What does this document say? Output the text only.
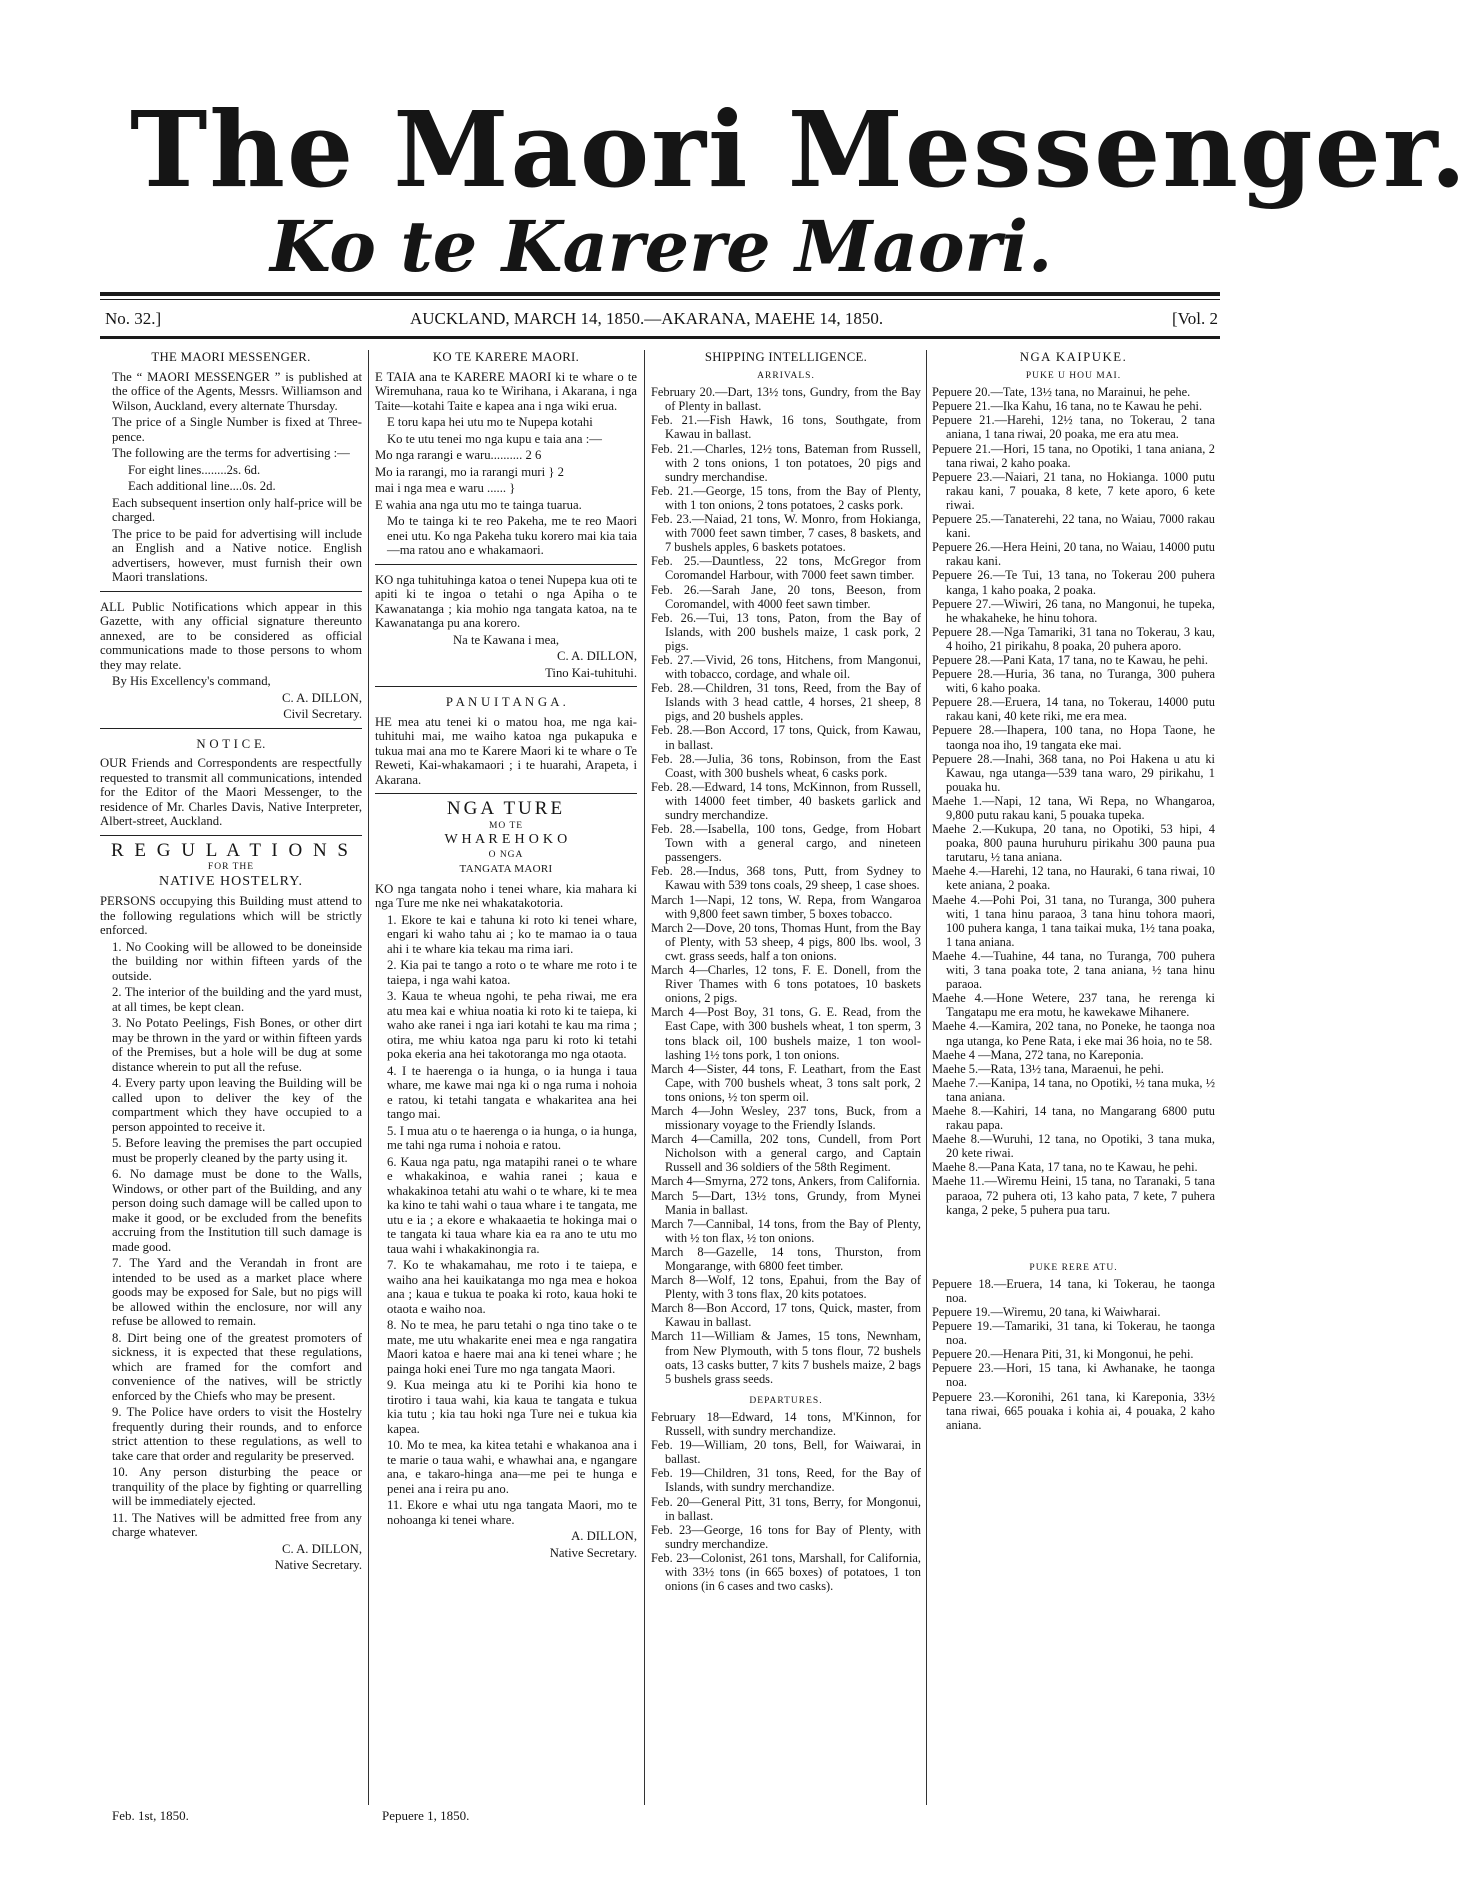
The Maori Messenger.
Ko te Karere Maori.
No. 32.]	AUCKLAND, MARCH 14, 1850.—AKARANA, MAEHE 14, 1850.	[Vol. 2
THE MAORI MESSENGER.

The “ MAORI MESSENGER ” is published at the office of the Agents, Messrs. Williamson and Wilson, Auckland, every alternate Thursday.

The price of a Single Number is fixed at Three-pence.

The following are the terms for advertising :—

For eight lines........2s. 6d.

Each additional line....0s. 2d.

Each subsequent insertion only half-price will be charged.

The price to be paid for advertising will include an English and a Native notice. English advertisers, however, must furnish their own Maori translations.

ALL Public Notifications which appear in this Gazette, with any official signature thereunto annexed, are to be considered as official communications made to those persons to whom they may relate.

By His Excellency's command,

C. A. DILLON,

Civil Secretary.

N O T I C E.

OUR Friends and Correspondents are respectfully requested to transmit all communications, intended for the Editor of the Maori Messenger, to the residence of Mr. Charles Davis, Native Interpreter, Albert-street, Auckland.

R E G U L A T I O N S
FOR THE
NATIVE HOSTELRY.

PERSONS occupying this Building must attend to the following regulations which will be strictly enforced.

1. No Cooking will be allowed to be doneinside the building nor within fifteen yards of the outside.

2. The interior of the building and the yard must, at all times, be kept clean.

3. No Potato Peelings, Fish Bones, or other dirt may be thrown in the yard or within fifteen yards of the Premises, but a hole will be dug at some distance wherein to put all the refuse.

4. Every party upon leaving the Building will be called upon to deliver the key of the compartment which they have occupied to a person appointed to receive it.

5. Before leaving the premises the part occupied must be properly cleaned by the party using it.

6. No damage must be done to the Walls, Windows, or other part of the Building, and any person doing such damage will be called upon to make it good, or be excluded from the benefits accruing from the Institution till such damage is made good.

7. The Yard and the Verandah in front are intended to be used as a market place where goods may be exposed for Sale, but no pigs will be allowed within the enclosure, nor will any refuse be allowed to remain.

8. Dirt being one of the greatest promoters of sickness, it is expected that these regulations, which are framed for the comfort and convenience of the natives, will be strictly enforced by the Chiefs who may be present.

9. The Police have orders to visit the Hostelry frequently during their rounds, and to enforce strict attention to these regulations, as well to take care that order and regularity be preserved.

10. Any person disturbing the peace or tranquility of the place by fighting or quarrelling will be immediately ejected.

11. The Natives will be admitted free from any charge whatever.

C. A. DILLON,

Native Secretary.

Feb. 1st, 1850.
KO TE KARERE MAORI.

E TAIA ana te KARERE MAORI ki te whare o te Wiremuhana, raua ko te Wirihana, i Akarana, i nga Taite—kotahi Taite e kapea ana i nga wiki erua.

E toru kapa hei utu mo te Nupepa kotahi

Ko te utu tenei mo nga kupu e taia ana :—

Mo nga rarangi e waru.......... 2 6

Mo ia rarangi, mo ia rarangi muri } 2

mai i nga mea e waru ...... }

E wahia ana nga utu mo te tainga tuarua.

Mo te tainga ki te reo Pakeha, me te reo Maori enei utu. Ko nga Pakeha tuku korero mai kia taia—ma ratou ano e whakamaori.

KO nga tuhituhinga katoa o tenei Nupepa kua oti te apiti ki te ingoa o tetahi o nga Apiha o te Kawanatanga ; kia mohio nga tangata katoa, na te Kawanatanga pu ana korero.

Na te Kawana i mea,

C. A. DILLON,

Tino Kai-tuhituhi.

P A N U I T A N G A .

HE mea atu tenei ki o matou hoa, me nga kai-tuhituhi mai, me waiho katoa nga pukapuka e tukua mai ana mo te Karere Maori ki te whare o Te Reweti, Kai-whakamaori ; i te huarahi, Arapeta, i Akarana.

NGA TURE
MO TE
W H A R E H O K O
O NGA
TANGATA MAORI

KO nga tangata noho i tenei whare, kia mahara ki nga Ture me nke nei whakatakotoria.

1. Ekore te kai e tahuna ki roto ki tenei whare, engari ki waho tahu ai ; ko te mamao ia o taua ahi i te whare kia tekau ma rima iari.

2. Kia pai te tango a roto o te whare me roto i te taiepa, i nga wahi katoa.

3. Kaua te wheua ngohi, te peha riwai, me era atu mea kai e whiua noatia ki roto ki te taiepa, ki waho ake ranei i nga iari kotahi te kau ma rima ; otira, me whiu katoa nga paru ki roto ki tetahi poka ekeria ana hei takotoranga mo nga otaota.

4. I te haerenga o ia hunga, o ia hunga i taua whare, me kawe mai nga ki o nga ruma i nohoia e ratou, ki tetahi tangata e whakaritea ana hei tango mai.

5. I mua atu o te haerenga o ia hunga, o ia hunga, me tahi nga ruma i nohoia e ratou.

6. Kaua nga patu, nga matapihi ranei o te whare e whakakinoa, e wahia ranei ; kaua e whakakinoa tetahi atu wahi o te whare, ki te mea ka kino te tahi wahi o taua whare i te tangata, me utu e ia ; a ekore e whakaaetia te hokinga mai o te tangata ki taua whare kia ea ra ano te utu mo taua wahi i whakakinongia ra.

7. Ko te whakamahau, me roto i te taiepa, e waiho ana hei kauikatanga mo nga mea e hokoa ana ; kaua e tukua te poaka ki roto, kaua hoki te otaota e waiho noa.

8. No te mea, he paru tetahi o nga tino take o te mate, me utu whakarite enei mea e nga rangatira Maori katoa e haere mai ana ki tenei whare ; he painga hoki enei Ture mo nga tangata Maori.

9. Kua meinga atu ki te Porihi kia hono te tirotiro i taua wahi, kia kaua te tangata e tukua kia tutu ; kia tau hoki nga Ture nei e tukua kia kapea.

10. Mo te mea, ka kitea tetahi e whakanoa ana i te marie o taua wahi, e whawhai ana, e ngangare ana, e takaro-hinga ana—me pei te hunga e penei ana i reira pu ano.

11. Ekore e whai utu nga tangata Maori, mo te nohoanga ki tenei whare.

A. DILLON,

Native Secretary.

Pepuere 1, 1850.
SHIPPING INTELLIGENCE.
ARRIVALS.

February 20.—Dart, 13½ tons, Gundry, from the Bay of Plenty in ballast.

Feb. 21.—Fish Hawk, 16 tons, Southgate, from Kawau in ballast.

Feb. 21.—Charles, 12½ tons, Bateman from Russell, with 2 tons onions, 1 ton potatoes, 20 pigs and sundry merchandise.

Feb. 21.—George, 15 tons, from the Bay of Plenty, with 1 ton onions, 2 tons potatoes, 2 casks pork.

Feb. 23.—Naiad, 21 tons, W. Monro, from Hokianga, with 7000 feet sawn timber, 7 cases, 8 baskets, and 7 bushels apples, 6 baskets potatoes.

Feb. 25.—Dauntless, 22 tons, McGregor from Coromandel Harbour, with 7000 feet sawn timber.

Feb. 26.—Sarah Jane, 20 tons, Beeson, from Coromandel, with 4000 feet sawn timber.

Feb. 26.—Tui, 13 tons, Paton, from the Bay of Islands, with 200 bushels maize, 1 cask pork, 2 pigs.

Feb. 27.—Vivid, 26 tons, Hitchens, from Mangonui, with tobacco, cordage, and whale oil.

Feb. 28.—Children, 31 tons, Reed, from the Bay of Islands with 3 head cattle, 4 horses, 21 sheep, 8 pigs, and 20 bushels apples.

Feb. 28.—Bon Accord, 17 tons, Quick, from Kawau, in ballast.

Feb. 28.—Julia, 36 tons, Robinson, from the East Coast, with 300 bushels wheat, 6 casks pork.

Feb. 28.—Edward, 14 tons, McKinnon, from Russell, with 14000 feet timber, 40 baskets garlick and sundry merchandize.

Feb. 28.—Isabella, 100 tons, Gedge, from Hobart Town with a general cargo, and nineteen passengers.

Feb. 28.—Indus, 368 tons, Putt, from Sydney to Kawau with 539 tons coals, 29 sheep, 1 case shoes.

March 1—Napi, 12 tons, W. Repa, from Wangaroa with 9,800 feet sawn timber, 5 boxes tobacco.

March 2—Dove, 20 tons, Thomas Hunt, from the Bay of Plenty, with 53 sheep, 4 pigs, 800 lbs. wool, 3 cwt. grass seeds, half a ton onions.

March 4—Charles, 12 tons, F. E. Donell, from the River Thames with 6 tons potatoes, 10 baskets onions, 2 pigs.

March 4—Post Boy, 31 tons, G. E. Read, from the East Cape, with 300 bushels wheat, 1 ton sperm, 3 tons black oil, 100 bushels maize, 1 ton wool-lashing 1½ tons pork, 1 ton onions.

March 4—Sister, 44 tons, F. Leathart, from the East Cape, with 700 bushels wheat, 3 tons salt pork, 2 tons onions, ½ ton sperm oil.

March 4—John Wesley, 237 tons, Buck, from a missionary voyage to the Friendly Islands.

March 4—Camilla, 202 tons, Cundell, from Port Nicholson with a general cargo, and Captain Russell and 36 soldiers of the 58th Regiment.

March 4—Smyrna, 272 tons, Ankers, from California.

March 5—Dart, 13½ tons, Grundy, from Mynei Mania in ballast.

March 7—Cannibal, 14 tons, from the Bay of Plenty, with ½ ton flax, ½ ton onions.

March 8—Gazelle, 14 tons, Thurston, from Mongarange, with 6800 feet timber.

March 8—Wolf, 12 tons, Epahui, from the Bay of Plenty, with 3 tons flax, 20 kits potatoes.

March 8—Bon Accord, 17 tons, Quick, master, from Kawau in ballast.

March 11—William & James, 15 tons, Newnham, from New Plymouth, with 5 tons flour, 72 bushels oats, 13 casks butter, 7 kits 7 bushels maize, 2 bags 5 bushels grass seeds.

DEPARTURES.

February 18—Edward, 14 tons, M'Kinnon, for Russell, with sundry merchandize.

Feb. 19—William, 20 tons, Bell, for Waiwarai, in ballast.

Feb. 19—Children, 31 tons, Reed, for the Bay of Islands, with sundry merchandize.

Feb. 20—General Pitt, 31 tons, Berry, for Mongonui, in ballast.

Feb. 23—George, 16 tons for Bay of Plenty, with sundry merchandize.

Feb. 23—Colonist, 261 tons, Marshall, for California, with 33½ tons (in 665 boxes) of potatoes, 1 ton onions (in 6 cases and two casks).

NGA KAIPUKE.
PUKE U HOU MAI.

Pepuere 20.—Tate, 13½ tana, no Marainui, he pehe.

Pepuere 21.—Ika Kahu, 16 tana, no te Kawau he pehi.

Pepuere 21.—Harehi, 12½ tana, no Tokerau, 2 tana aniana, 1 tana riwai, 20 poaka, me era atu mea.

Pepuere 21.—Hori, 15 tana, no Opotiki, 1 tana aniana, 2 tana riwai, 2 kaho poaka.

Pepuere 23.—Naiari, 21 tana, no Hokianga. 1000 putu rakau kani, 7 pouaka, 8 kete, 7 kete aporo, 6 kete riwai.

Pepuere 25.—Tanaterehi, 22 tana, no Waiau, 7000 rakau kani.

Pepuere 26.—Hera Heini, 20 tana, no Waiau, 14000 putu rakau kani.

Pepuere 26.—Te Tui, 13 tana, no Tokerau 200 puhera kanga, 1 kaho poaka, 2 poaka.

Pepuere 27.—Wiwiri, 26 tana, no Mangonui, he tupeka, he whakaheke, he hinu tohora.

Pepuere 28.—Nga Tamariki, 31 tana no Tokerau, 3 kau, 4 hoiho, 21 pirikahu, 8 poaka, 20 puhera aporo.

Pepuere 28.—Pani Kata, 17 tana, no te Kawau, he pehi.

Pepuere 28.—Huria, 36 tana, no Turanga, 300 puhera witi, 6 kaho poaka.

Pepuere 28.—Eruera, 14 tana, no Tokerau, 14000 putu rakau kani, 40 kete riki, me era mea.

Pepuere 28.—Ihapera, 100 tana, no Hopa Taone, he taonga noa iho, 19 tangata eke mai.

Pepuere 28.—Inahi, 368 tana, no Poi Hakena u atu ki Kawau, nga utanga—539 tana waro, 29 pirikahu, 1 pouaka hu.

Maehe 1.—Napi, 12 tana, Wi Repa, no Whangaroa, 9,800 putu rakau kani, 5 pouaka tupeka.

Maehe 2.—Kukupa, 20 tana, no Opotiki, 53 hipi, 4 poaka, 800 pauna huruhuru pirikahu 300 pauna pua tarutaru, ½ tana aniana.

Maehe 4.—Harehi, 12 tana, no Hauraki, 6 tana riwai, 10 kete aniana, 2 poaka.

Maehe 4.—Pohi Poi, 31 tana, no Turanga, 300 puhera witi, 1 tana hinu paraoa, 3 tana hinu tohora maori, 100 puhera kanga, 1 tana taikai muka, 1½ tana poaka, 1 tana aniana.

Maehe 4.—Tuahine, 44 tana, no Turanga, 700 puhera witi, 3 tana poaka tote, 2 tana aniana, ½ tana hinu paraoa.

Maehe 4.—Hone Wetere, 237 tana, he rerenga ki Tangatapu me era motu, he kawekawe Mihanere.

Maehe 4.—Kamira, 202 tana, no Poneke, he taonga noa nga utanga, ko Pene Rata, i eke mai 36 hoia, no te 58.

Maehe 4 —Mana, 272 tana, no Kareponia.

Maehe 5.—Rata, 13½ tana, Maraenui, he pehi.

Maehe 7.—Kanipa, 14 tana, no Opotiki, ½ tana muka, ½ tana aniana.

Maehe 8.—Kahiri, 14 tana, no Mangarang 6800 putu rakau papa.

Maehe 8.—Wuruhi, 12 tana, no Opotiki, 3 tana muka, 20 kete riwai.

Maehe 8.—Pana Kata, 17 tana, no te Kawau, he pehi.

Maehe 11.—Wiremu Heini, 15 tana, no Taranaki, 5 tana paraoa, 72 puhera oti, 13 kaho pata, 7 kete, 7 puhera kanga, 2 peke, 5 puhera pua taru.

PUKE RERE ATU.

Pepuere 18.—Eruera, 14 tana, ki Tokerau, he taonga noa.

Pepuere 19.—Wiremu, 20 tana, ki Waiwharai.

Pepuere 19.—Tamariki, 31 tana, ki Tokerau, he taonga noa.

Pepuere 20.—Henara Piti, 31, ki Mongonui, he pehi.

Pepuere 23.—Hori, 15 tana, ki Awhanake, he taonga noa.

Pepuere 23.—Koronihi, 261 tana, ki Kareponia, 33½ tana riwai, 665 pouaka i kohia ai, 4 pouaka, 2 kaho aniana.
